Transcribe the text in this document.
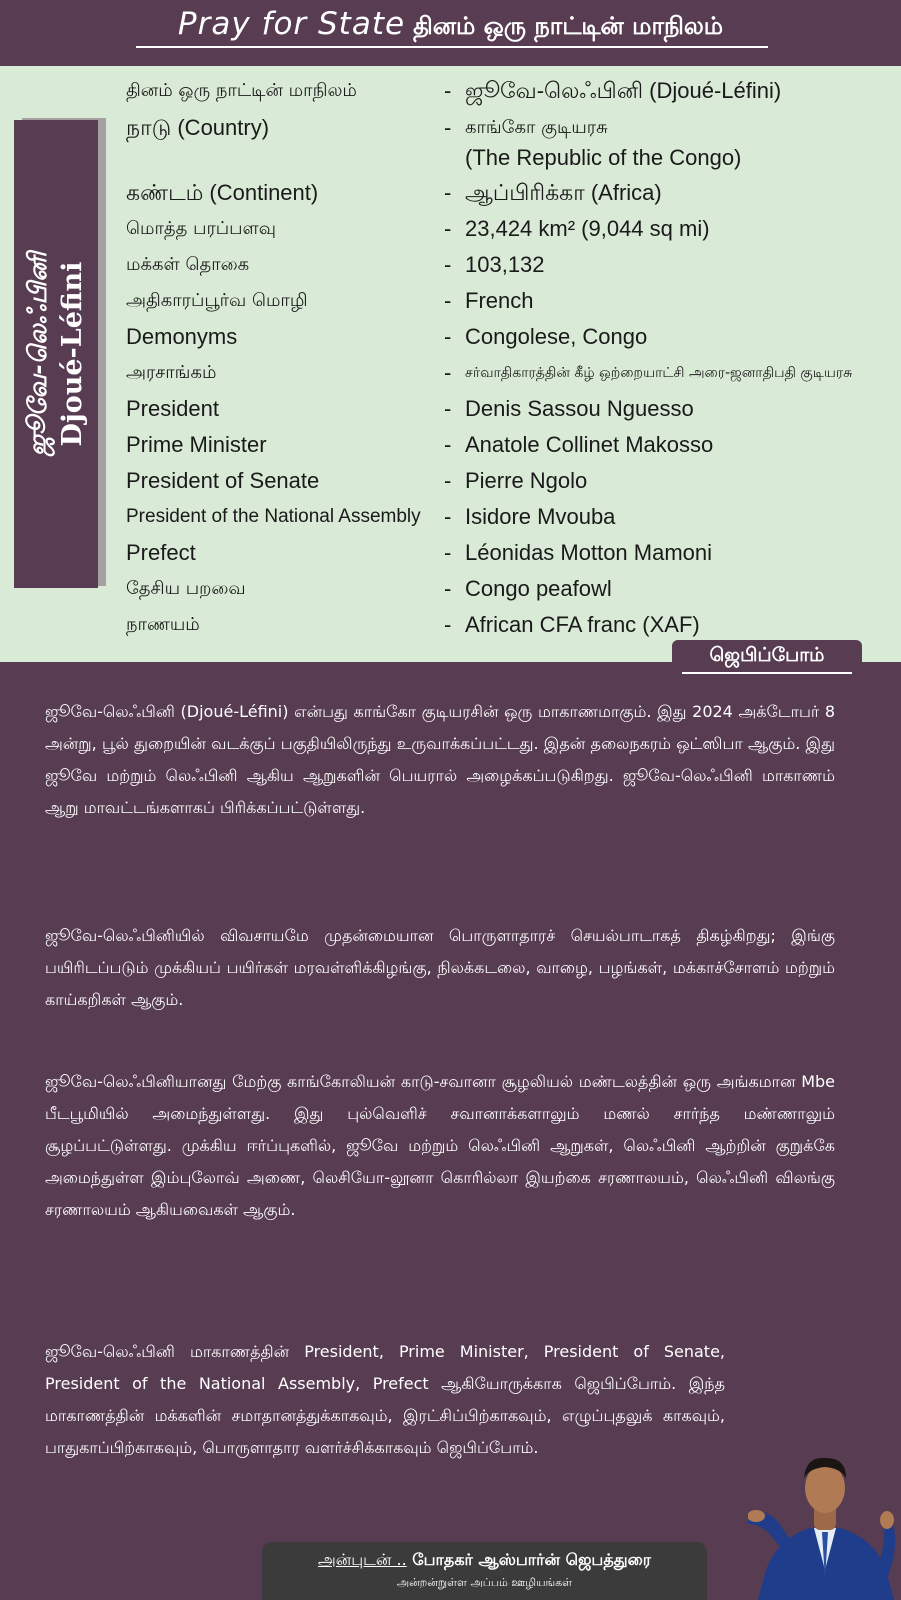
Pray for State தினம் ஒரு நாட்டின் மாநிலம்
ஜூவே-லெஃபினி Djoué-Léfini
தினம் ஒரு நாட்டின் மாநிலம்	- ஜூவே-லெஃபினி (Djoué-Léfini)
நாடு (Country)	- காங்கோ குடியரசு
(The Republic of the Congo)
கண்டம் (Continent)	- ஆப்பிரிக்கா (Africa)
மொத்த பரப்பளவு	- 23,424 km² (9,044 sq mi)
மக்கள் தொகை	- 103,132
அதிகாரப்பூர்வ மொழி	- French
Demonyms	- Congolese, Congo
அரசாங்கம்	- சர்வாதிகாரத்தின் கீழ் ஒற்றையாட்சி அரை-ஜனாதிபதி குடியரசு
President	- Denis Sassou Nguesso
Prime Minister	- Anatole Collinet Makosso
President of Senate	- Pierre Ngolo
President of the National Assembly - Isidore Mvouba
Prefect	- Léonidas Motton Mamoni
தேசிய பறவை	- Congo peafowl
நாணயம்	- African CFA franc (XAF)
ஜெபிப்போம்
ஜூவே-லெஃபினி (Djoué-Léfini) என்பது காங்கோ குடியரசின் ஒரு மாகாணமாகும். இது 2024 அக்டோபர் 8 அன்று, பூல் துறையின் வடக்குப் பகுதியிலிருந்து உருவாக்கப்பட்டது. இதன் தலைநகரம் ஒட்ஸிபா ஆகும். இது ஜூவே மற்றும் லெஃபினி ஆகிய ஆறுகளின் பெயரால் அழைக்கப்படுகிறது. ஜூவே-லெஃபினி மாகாணம் ஆறு மாவட்டங்களாகப் பிரிக்கப்பட்டுள்ளது.
ஜூவே-லெஃபினியில் விவசாயமே முதன்மையான பொருளாதாரச் செயல்பாடாகத் திகழ்கிறது; இங்கு பயிரிடப்படும் முக்கியப் பயிர்கள் மரவள்ளிக்கிழங்கு, நிலக்கடலை, வாழை, பழங்கள், மக்காச்சோளம் மற்றும் காய்கறிகள் ஆகும்.
ஜூவே-லெஃபினியானது மேற்கு காங்கோலியன் காடு-சவானா சூழலியல் மண்டலத்தின் ஒரு அங்கமான Mbe பீடபூமியில் அமைந்துள்ளது. இது புல்வெளிச் சவானாக்களாலும் மணல் சார்ந்த மண்ணாலும் சூழப்பட்டுள்ளது. முக்கிய ஈர்ப்புகளில், ஜூவே மற்றும் லெஃபினி ஆறுகள், லெஃபினி ஆற்றின் குறுக்கே அமைந்துள்ள இம்புலோவ் அணை, லெசியோ-லூனா கொரில்லா இயற்கை சரணாலயம், லெஃபினி விலங்கு சரணாலயம் ஆகியவைகள் ஆகும்.
ஜூவே-லெஃபினி மாகாணத்தின் President, Prime Minister, President of Senate, President of the National Assembly, Prefect ஆகியோருக்காக ஜெபிப்போம். இந்த மாகாணத்தின் மக்களின் சமாதானத்துக்காகவும், இரட்சிப்பிற்காகவும், எழுப்புதலுக் காகவும், பாதுகாப்பிற்காகவும், பொருளாதார வளர்ச்சிக்காகவும் ஜெபிப்போம்.
அன்புடன் .. போதகர் ஆஸ்பார்ன் ஜெபத்துரை
அன்றன்றுள்ள அப்பம் ஊழியங்கள்
